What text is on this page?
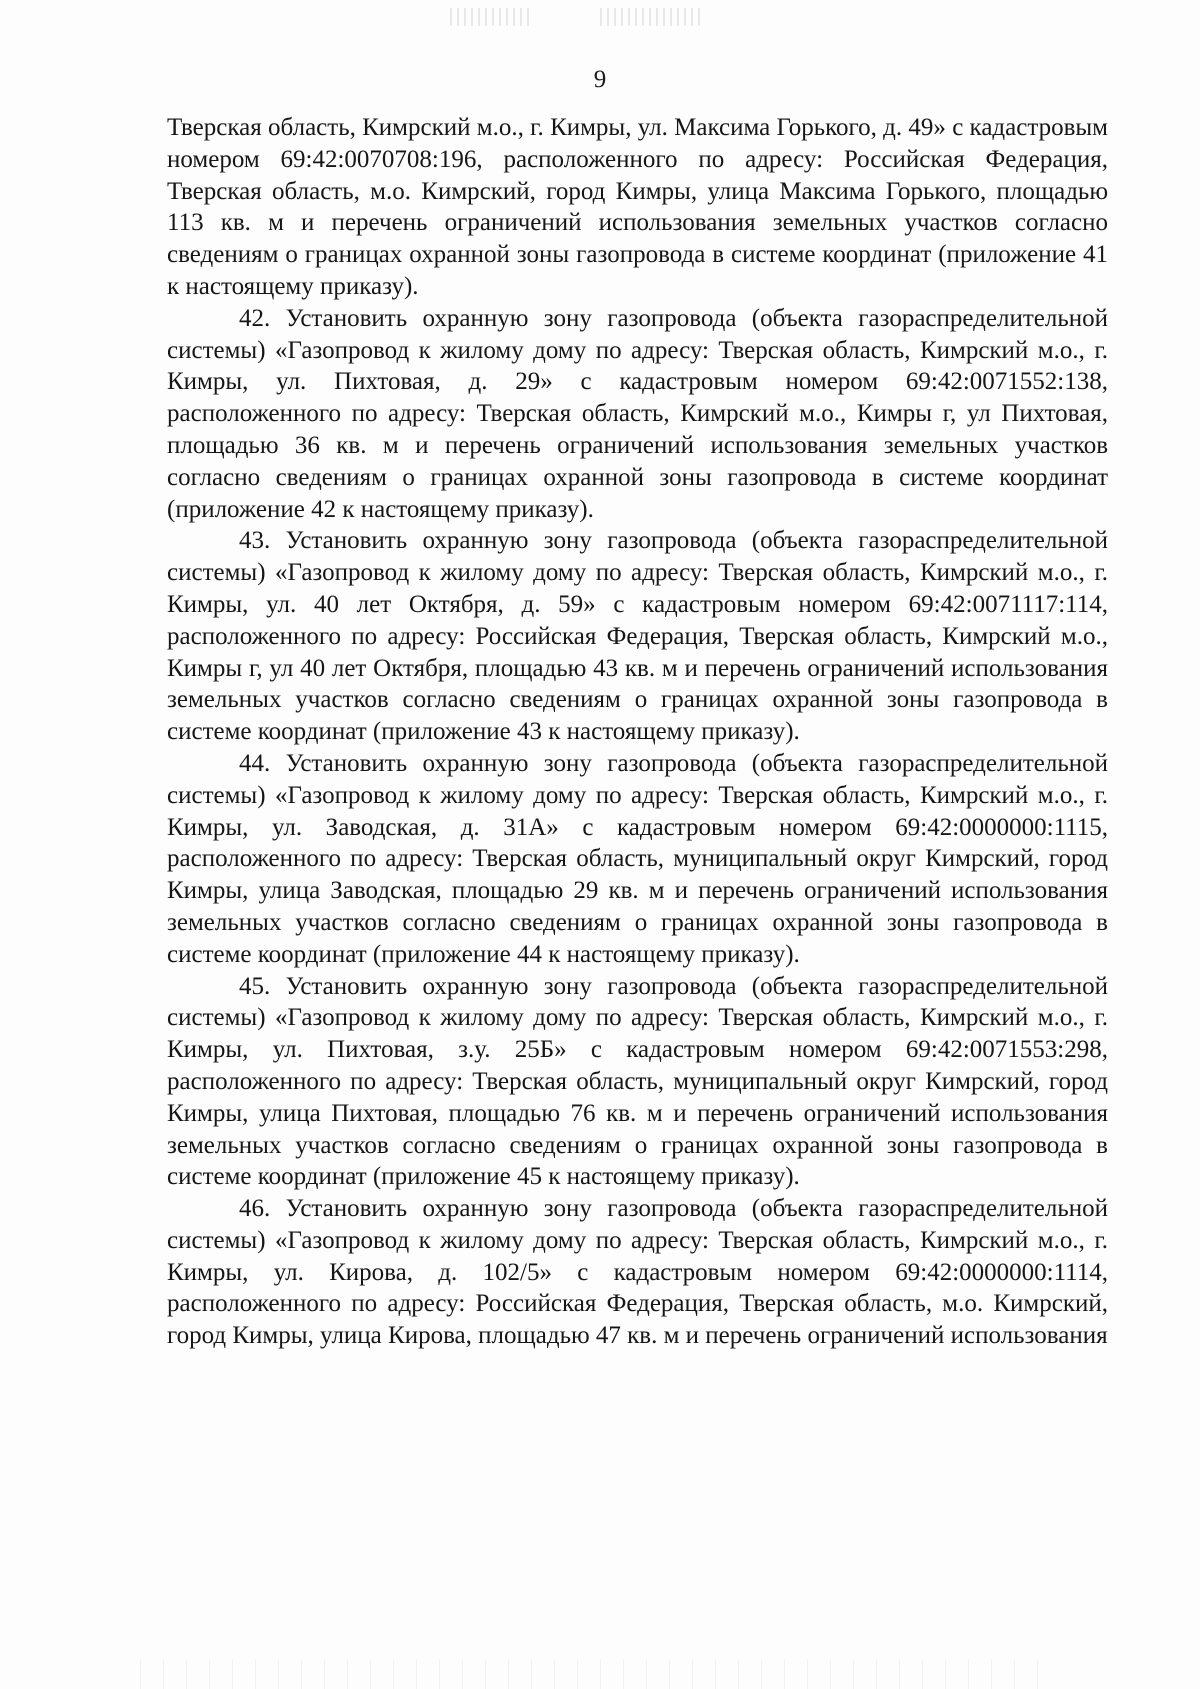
9

Тверская область, Кимрский м.о., г. Кимры, ул. Максима Горького, д. 49» с кадастровым номером 69:42:0070708:196, расположенного по адресу: Российская Федерация, Тверская область, м.о. Кимрский, город Кимры, улица Максима Горького, площадью 113 кв. м и перечень ограничений использования земельных участков согласно сведениям о границах охранной зоны газопровода в системе координат (приложение 41 к настоящему приказу).

42. Установить охранную зону газопровода (объекта газораспределительной системы) «Газопровод к жилому дому по адресу: Тверская область, Кимрский м.о., г. Кимры, ул. Пихтовая, д. 29» с кадастровым номером 69:42:0071552:138, расположенного по адресу: Тверская область, Кимрский м.о., Кимры г, ул Пихтовая, площадью 36 кв. м и перечень ограничений использования земельных участков согласно сведениям о границах охранной зоны газопровода в системе координат (приложение 42 к настоящему приказу).

43. Установить охранную зону газопровода (объекта газораспределительной системы) «Газопровод к жилому дому по адресу: Тверская область, Кимрский м.о., г. Кимры, ул. 40 лет Октября, д. 59» с кадастровым номером 69:42:0071117:114, расположенного по адресу: Российская Федерация, Тверская область, Кимрский м.о., Кимры г, ул 40 лет Октября, площадью 43 кв. м и перечень ограничений использования земельных участков согласно сведениям о границах охранной зоны газопровода в системе координат (приложение 43 к настоящему приказу).

44. Установить охранную зону газопровода (объекта газораспределительной системы) «Газопровод к жилому дому по адресу: Тверская область, Кимрский м.о., г. Кимры, ул. Заводская, д. 31А» с кадастровым номером 69:42:0000000:1115, расположенного по адресу: Тверская область, муниципальный округ Кимрский, город Кимры, улица Заводская, площадью 29 кв. м и перечень ограничений использования земельных участков согласно сведениям о границах охранной зоны газопровода в системе координат (приложение 44 к настоящему приказу).

45. Установить охранную зону газопровода (объекта газораспределительной системы) «Газопровод к жилому дому по адресу: Тверская область, Кимрский м.о., г. Кимры, ул. Пихтовая, з.у. 25Б» с кадастровым номером 69:42:0071553:298, расположенного по адресу: Тверская область, муниципальный округ Кимрский, город Кимры, улица Пихтовая, площадью 76 кв. м и перечень ограничений использования земельных участков согласно сведениям о границах охранной зоны газопровода в системе координат (приложение 45 к настоящему приказу).

46. Установить охранную зону газопровода (объекта газораспределительной системы) «Газопровод к жилому дому по адресу: Тверская область, Кимрский м.о., г. Кимры, ул. Кирова, д. 102/5» с кадастровым номером 69:42:0000000:1114, расположенного по адресу: Российская Федерация, Тверская область, м.о. Кимрский, город Кимры, улица Кирова, площадью 47 кв. м и перечень ограничений использования
